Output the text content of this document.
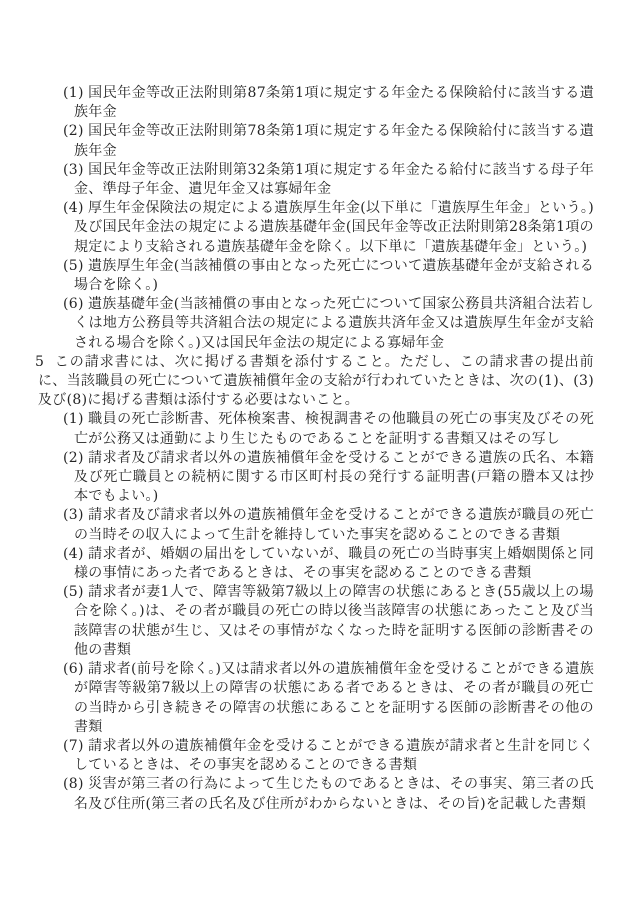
(1) 国民年金等改正法附則第87条第1項に規定する年金たる保険給付に該当する遺族年金
(2) 国民年金等改正法附則第78条第1項に規定する年金たる保険給付に該当する遺族年金
(3) 国民年金等改正法附則第32条第1項に規定する年金たる給付に該当する母子年金、準母子年金、遺児年金又は寡婦年金
(4) 厚生年金保険法の規定による遺族厚生年金(以下単に「遺族厚生年金」という。)及び国民年金法の規定による遺族基礎年金(国民年金等改正法附則第28条第1項の規定により支給される遺族基礎年金を除く。以下単に「遺族基礎年金」という。)
(5) 遺族厚生年金(当該補償の事由となった死亡について遺族基礎年金が支給される場合を除く。)
(6) 遺族基礎年金(当該補償の事由となった死亡について国家公務員共済組合法若しくは地方公務員等共済組合法の規定による遺族共済年金又は遺族厚生年金が支給される場合を除く。)又は国民年金法の規定による寡婦年金
5 この請求書には、次に掲げる書類を添付すること。ただし、この請求書の提出前に、当該職員の死亡について遺族補償年金の支給が行われていたときは、次の(1)、(3)及び(8)に掲げる書類は添付する必要はないこと。
(1) 職員の死亡診断書、死体検案書、検視調書その他職員の死亡の事実及びその死亡が公務又は通勤により生じたものであることを証明する書類又はその写し
(2) 請求者及び請求者以外の遺族補償年金を受けることができる遺族の氏名、本籍及び死亡職員との続柄に関する市区町村長の発行する証明書(戸籍の謄本又は抄本でもよい。)
(3) 請求者及び請求者以外の遺族補償年金を受けることができる遺族が職員の死亡の当時その収入によって生計を維持していた事実を認めることのできる書類
(4) 請求者が、婚姻の届出をしていないが、職員の死亡の当時事実上婚姻関係と同様の事情にあった者であるときは、その事実を認めることのできる書類
(5) 請求者が妻1人で、障害等級第7級以上の障害の状態にあるとき(55歳以上の場合を除く。)は、その者が職員の死亡の時以後当該障害の状態にあったこと及び当該障害の状態が生じ、又はその事情がなくなった時を証明する医師の診断書その他の書類
(6) 請求者(前号を除く。)又は請求者以外の遺族補償年金を受けることができる遺族が障害等級第7級以上の障害の状態にある者であるときは、その者が職員の死亡の当時から引き続きその障害の状態にあることを証明する医師の診断書その他の書類
(7) 請求者以外の遺族補償年金を受けることができる遺族が請求者と生計を同じくしているときは、その事実を認めることのできる書類
(8) 災害が第三者の行為によって生じたものであるときは、その事実、第三者の氏名及び住所(第三者の氏名及び住所がわからないときは、その旨)を記載した書類
